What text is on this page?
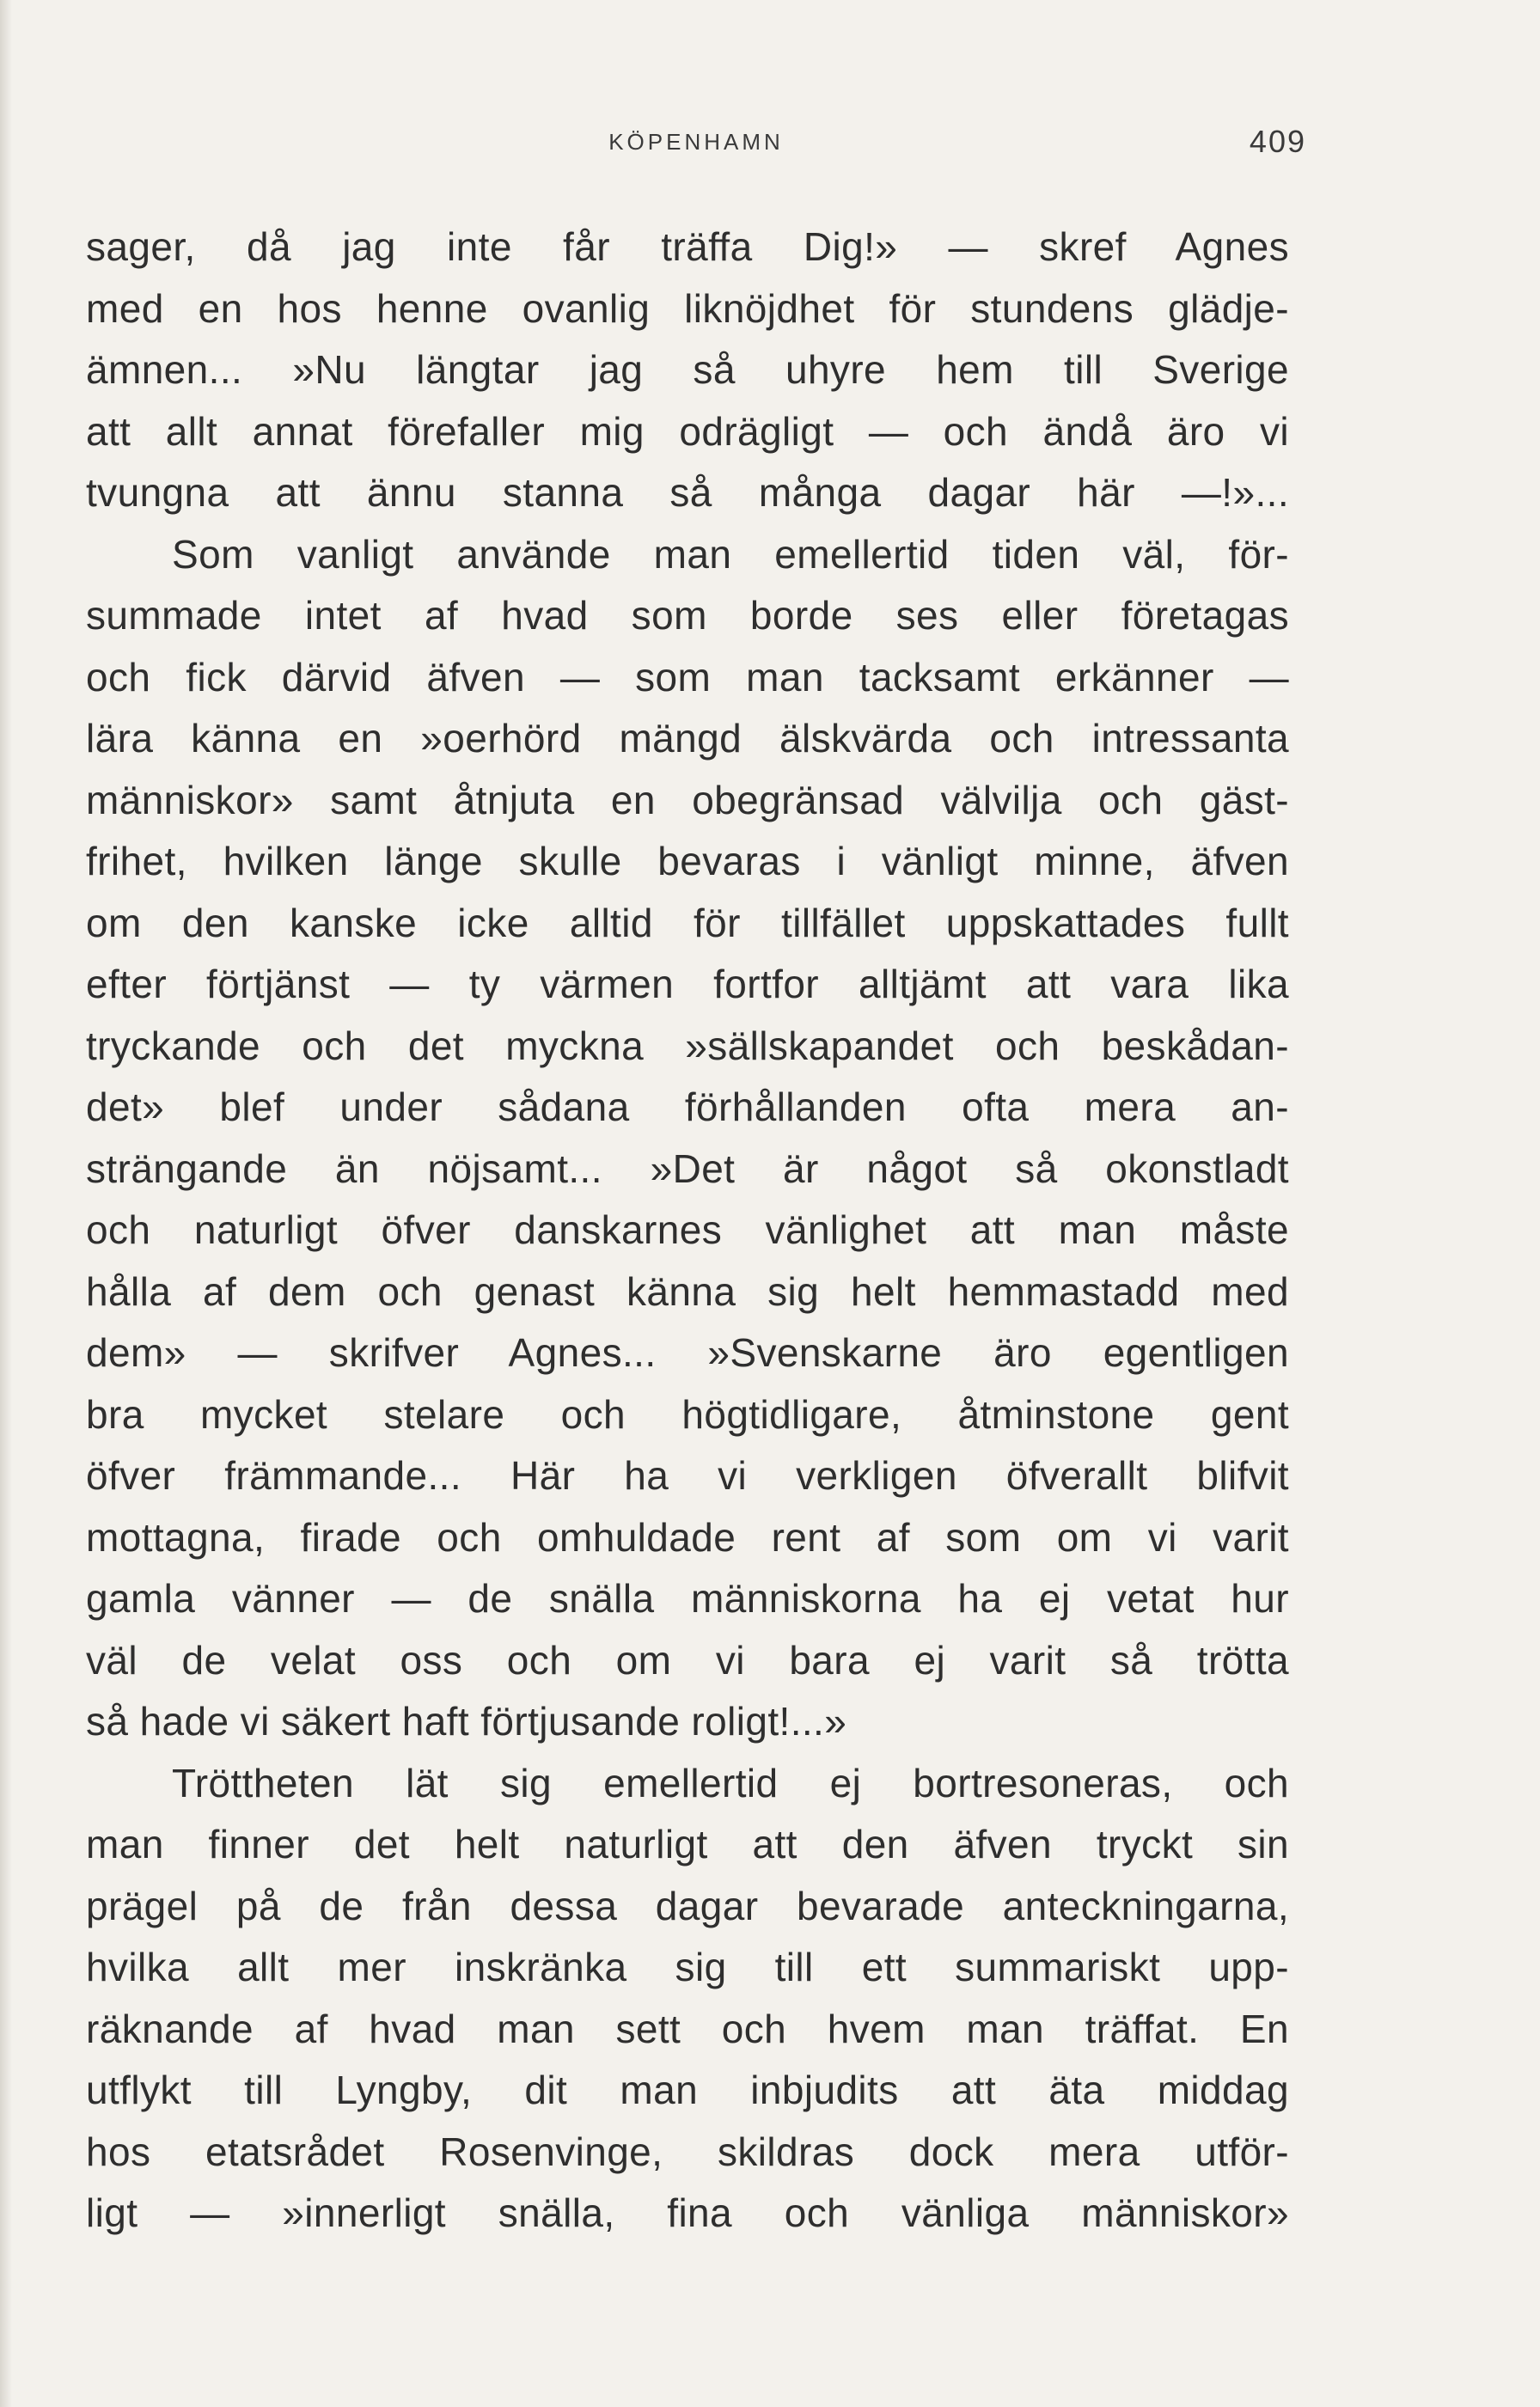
KÖPENHAMN	409
sager, då jag inte får träffa Dig!» — skref Agnes
med en hos henne ovanlig liknöjdhet för stundens glädje-
ämnen... »Nu längtar jag så uhyre hem till Sverige
att allt annat förefaller mig odrägligt — och ändå äro vi
tvungna att ännu stanna så många dagar här —!»...
Som vanligt använde man emellertid tiden väl, för-
summade intet af hvad som borde ses eller företagas
och fick därvid äfven — som man tacksamt erkänner —
lära känna en »oerhörd mängd älskvärda och intressanta
människor» samt åtnjuta en obegränsad välvilja och gäst-
frihet, hvilken länge skulle bevaras i vänligt minne, äfven
om den kanske icke alltid för tillfället uppskattades fullt
efter förtjänst — ty värmen fortfor alltjämt att vara lika
tryckande och det myckna »sällskapandet och beskådan-
det» blef under sådana förhållanden ofta mera an-
strängande än nöjsamt... »Det är något så okonstladt
och naturligt öfver danskarnes vänlighet att man måste
hålla af dem och genast känna sig helt hemmastadd med
dem» — skrifver Agnes... »Svenskarne äro egentligen
bra mycket stelare och högtidligare, åtminstone gent
öfver främmande... Här ha vi verkligen öfverallt blifvit
mottagna, firade och omhuldade rent af som om vi varit
gamla vänner — de snälla människorna ha ej vetat hur
väl de velat oss och om vi bara ej varit så trötta
så hade vi säkert haft förtjusande roligt!...»
Tröttheten lät sig emellertid ej bortresoneras, och
man finner det helt naturligt att den äfven tryckt sin
prägel på de från dessa dagar bevarade anteckningarna,
hvilka allt mer inskränka sig till ett summariskt upp-
räknande af hvad man sett och hvem man träffat. En
utflykt till Lyngby, dit man inbjudits att äta middag
hos etatsrådet Rosenvinge, skildras dock mera utför-
ligt — »innerligt snälla, fina och vänliga människor»
